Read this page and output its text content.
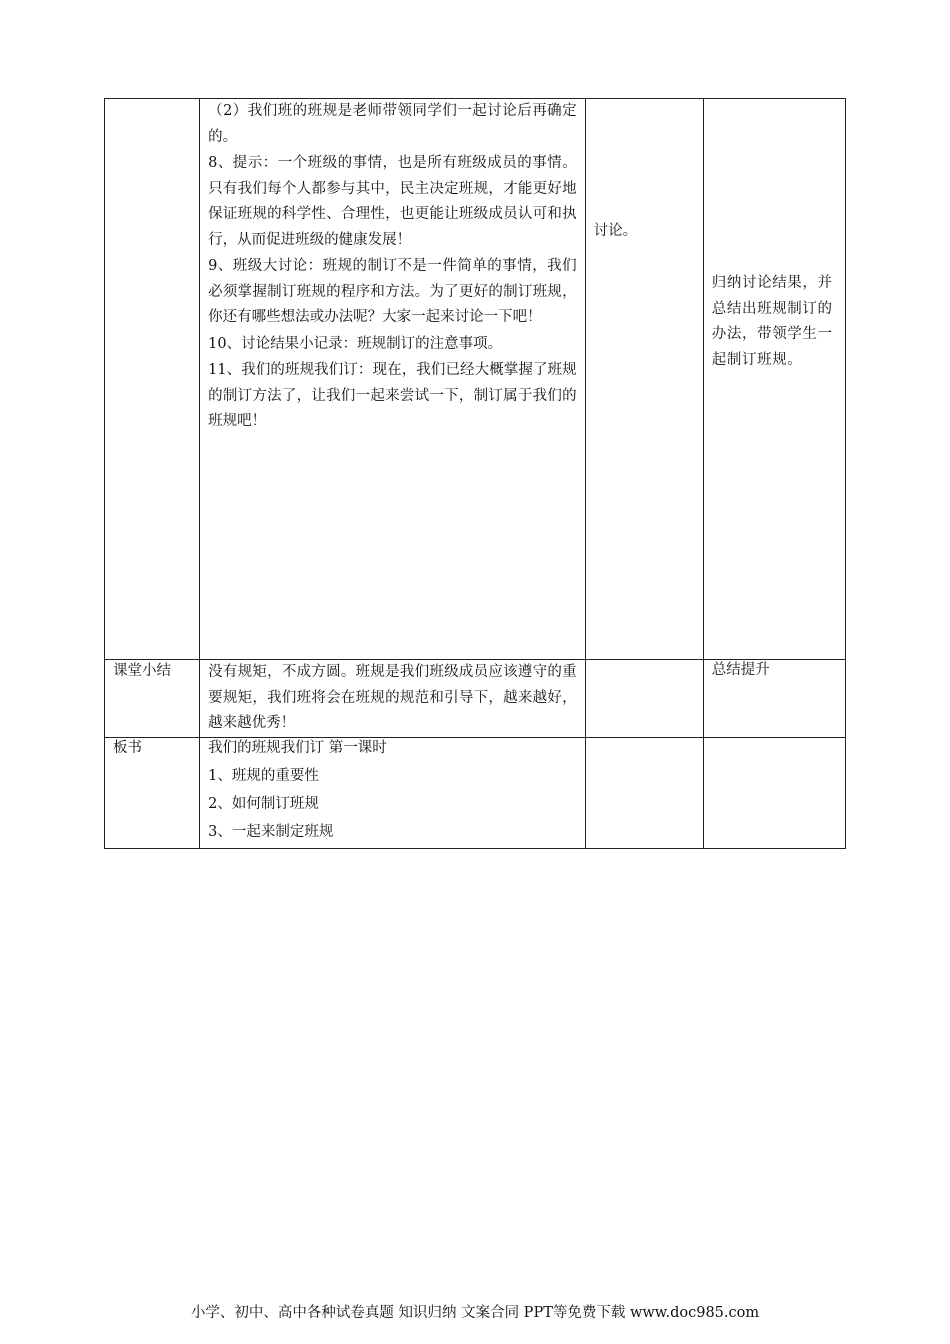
	（2）我们班的班规是老师带领同学们一起讨论后再确定的。

8、提示：一个班级的事情，也是所有班级成员的事情。只有我们每个人都参与其中，民主决定班规，才能更好地保证班规的科学性、合理性，也更能让班级成员认可和执行，从而促进班级的健康发展！

9、班级大讨论：班规的制订不是一件简单的事情，我们必须掌握制订班规的程序和方法。为了更好的制订班规，你还有哪些想法或办法呢？大家一起来讨论一下吧！

10、讨论结果小记录：班规制订的注意事项。

11、我们的班规我们订：现在，我们已经大概掌握了班规的制订方法了，让我们一起来尝试一下，制订属于我们的班规吧！	讨论。	归纳讨论结果，并总结出班规制订的办法，带领学生一起制订班规。
课堂小结	没有规矩，不成方圆。班规是我们班级成员应该遵守的重要规矩，我们班将会在班规的规范和引导下，越来越好，越来越优秀！		总结提升
板书	我们的班规我们订 第一课时

1、班规的重要性

2、如何制订班规

3、一起来制定班规		

小学、初中、高中各种试卷真题 知识归纳 文案合同 PPT等免费下载 www.doc985.com
